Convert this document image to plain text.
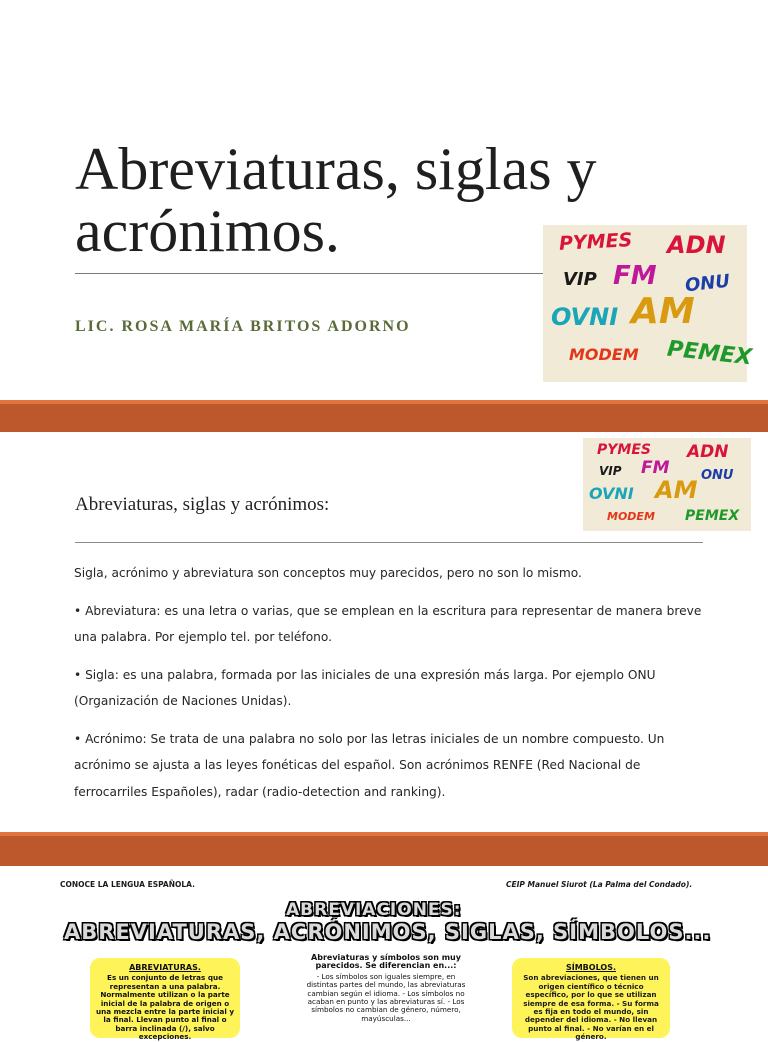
Abreviaturas, siglas y acrónimos.
LIC. ROSA MARÍA BRITOS ADORNO
PYMES ADN
VIP FM ONU
OVNI AM
MODEM PEMEX
PYMES ADN
VIP FM ONU
OVNI AM
MODEM PEMEX
Abreviaturas, siglas y acrónimos:

Sigla, acrónimo y abreviatura son conceptos muy parecidos, pero no son lo mismo.

• Abreviatura: es una letra o varias, que se emplean en la escritura para representar de manera breve una palabra. Por ejemplo tel. por teléfono.

• Sigla: es una palabra, formada por las iniciales de una expresión más larga. Por ejemplo ONU (Organización de Naciones Unidas).

• Acrónimo: Se trata de una palabra no solo por las letras iniciales de un nombre compuesto. Un acrónimo se ajusta a las leyes fonéticas del español. Son acrónimos RENFE (Red Nacional de ferrocarriles Españoles), radar (radio-detection and ranking).

CONOCE LA LENGUA ESPAÑOLA.	CEIP Manuel Siurot (La Palma del Condado).
ABREVIACIONES:
ABREVIATURAS, ACRÓNIMOS, SIGLAS, SÍMBOLOS...
ABREVIATURAS.
Es un conjunto de letras que representan a una palabra. Normalmente utilizan o la parte inicial de la palabra de origen o una mezcla entre la parte inicial y la final. Llevan punto al final o barra inclinada (/), salvo excepciones.
Abreviaturas y símbolos son muy parecidos. Se diferencian en...:
- Los símbolos son iguales siempre, en distintas partes del mundo, las abreviaturas cambian según el idioma. - Los símbolos no acaban en punto y las abreviaturas sí. - Los símbolos no cambian de género, número, mayúsculas...
SÍMBOLOS.
Son abreviaciones, que tienen un origen científico o técnico específico, por lo que se utilizan siempre de esa forma. - Su forma es fija en todo el mundo, sin depender del idioma. - No llevan punto al final. - No varían en el género.
